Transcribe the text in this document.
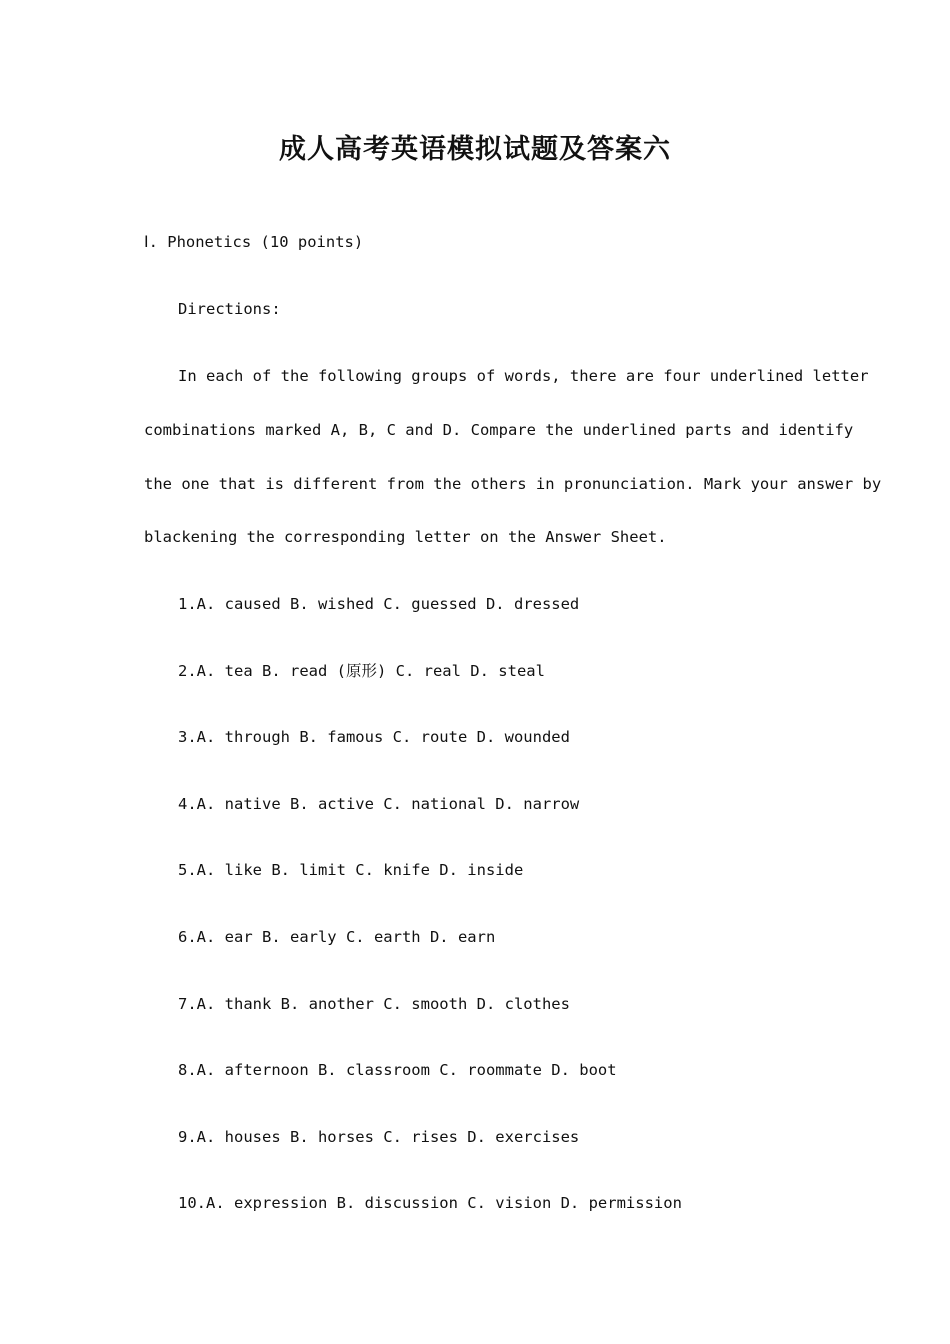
成人高考英语模拟试题及答案六
Ⅰ. Phonetics (10 points)
Directions:
In each of the following groups of words, there are four underlined letter
combinations marked A, B, C and D. Compare the underlined parts and identify
the one that is different from the others in pronunciation. Mark your answer by
blackening the corresponding letter on the Answer Sheet.
1.A. caused B. wished C. guessed D. dressed
2.A. tea B. read (原形) C. real D. steal
3.A. through B. famous C. route D. wounded
4.A. native B. active C. national D. narrow
5.A. like B. limit C. knife D. inside
6.A. ear B. early C. earth D. earn
7.A. thank B. another C. smooth D. clothes
8.A. afternoon B. classroom C. roommate D. boot
9.A. houses B. horses C. rises D. exercises
10.A. expression B. discussion C. vision D. permission
